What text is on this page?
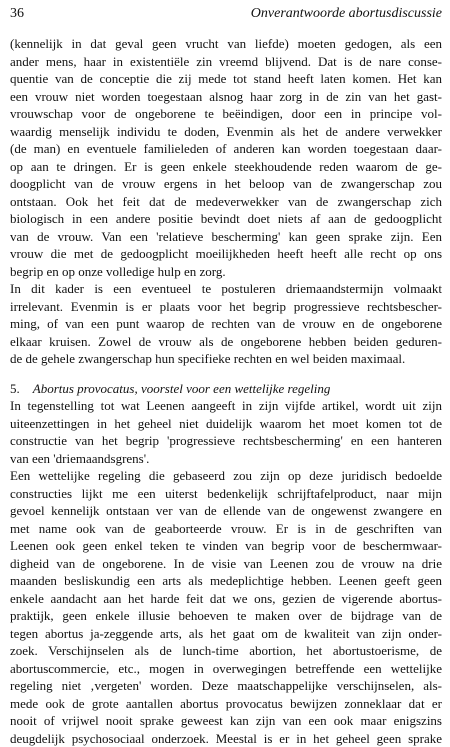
36	Onverantwoorde abortusdiscussie
(kennelijk in dat geval geen vrucht van liefde) moeten gedogen, als een
ander mens, haar in existentiële zin vreemd blijvend. Dat is de nare conse-
quentie van de conceptie die zij mede tot stand heeft laten komen. Het kan
een vrouw niet worden toegestaan alsnog haar zorg in de zin van het gast-
vrouwschap voor de ongeborene te beëindigen, door een in principe vol-
waardig menselijk individu te doden, Evenmin als het de andere verwekker
(de man) en eventuele familieleden of anderen kan worden toegestaan daar-
op aan te dringen. Er is geen enkele steekhoudende reden waarom de ge-
doogplicht van de vrouw ergens in het beloop van de zwangerschap zou
ontstaan. Ook het feit dat de medeverwekker van de zwangerschap zich
biologisch in een andere positie bevindt doet niets af aan de gedoogplicht
van de vrouw. Van een 'relatieve bescherming' kan geen sprake zijn. Een
vrouw die met de gedoogplicht moeilijkheden heeft heeft alle recht op ons
begrip en op onze volledige hulp en zorg.
In dit kader is een eventueel te postuleren driemaandstermijn volmaakt
irrelevant. Evenmin is er plaats voor het begrip progressieve rechtsbescher-
ming, of van een punt waarop de rechten van de vrouw en de ongeborene
elkaar kruisen. Zowel de vrouw als de ongeborene hebben beiden geduren-
de de gehele zwangerschap hun specifieke rechten en wel beiden maximaal.
5. Abortus provocatus, voorstel voor een wettelijke regeling
In tegenstelling tot wat Leenen aangeeft in zijn vijfde artikel, wordt uit zijn
uiteenzettingen in het geheel niet duidelijk waarom het moet komen tot de
constructie van het begrip 'progressieve rechtsbescherming' en een hanteren
van een 'driemaandsgrens'.
Een wettelijke regeling die gebaseerd zou zijn op deze juridisch bedoelde
constructies lijkt me een uiterst bedenkelijk schrijftafelproduct, naar mijn
gevoel kennelijk ontstaan ver van de ellende van de ongewenst zwangere en
met name ook van de geaborteerde vrouw. Er is in de geschriften van
Leenen ook geen enkel teken te vinden van begrip voor de beschermwaar-
digheid van de ongeborene. In de visie van Leenen zou de vrouw na drie
maanden besliskundig een arts als medeplichtige hebben. Leenen geeft geen
enkele aandacht aan het harde feit dat we ons, gezien de vigerende abortus-
praktijk, geen enkele illusie behoeven te maken over de bijdrage van de
tegen abortus ja-zeggende arts, als het gaat om de kwaliteit van zijn onder-
zoek. Verschijnselen als de lunch-time abortion, het abortustoerisme, de
abortuscommercie, etc., mogen in overwegingen betreffende een wettelijke
regeling niet ‚vergeten' worden. Deze maatschappelijke verschijnselen, als-
mede ook de grote aantallen abortus provocatus bewijzen zonneklaar dat er
nooit of vrijwel nooit sprake geweest kan zijn van een ook maar enigszins
deugdelijk psychosociaal onderzoek. Meestal is er in het geheel geen sprake
